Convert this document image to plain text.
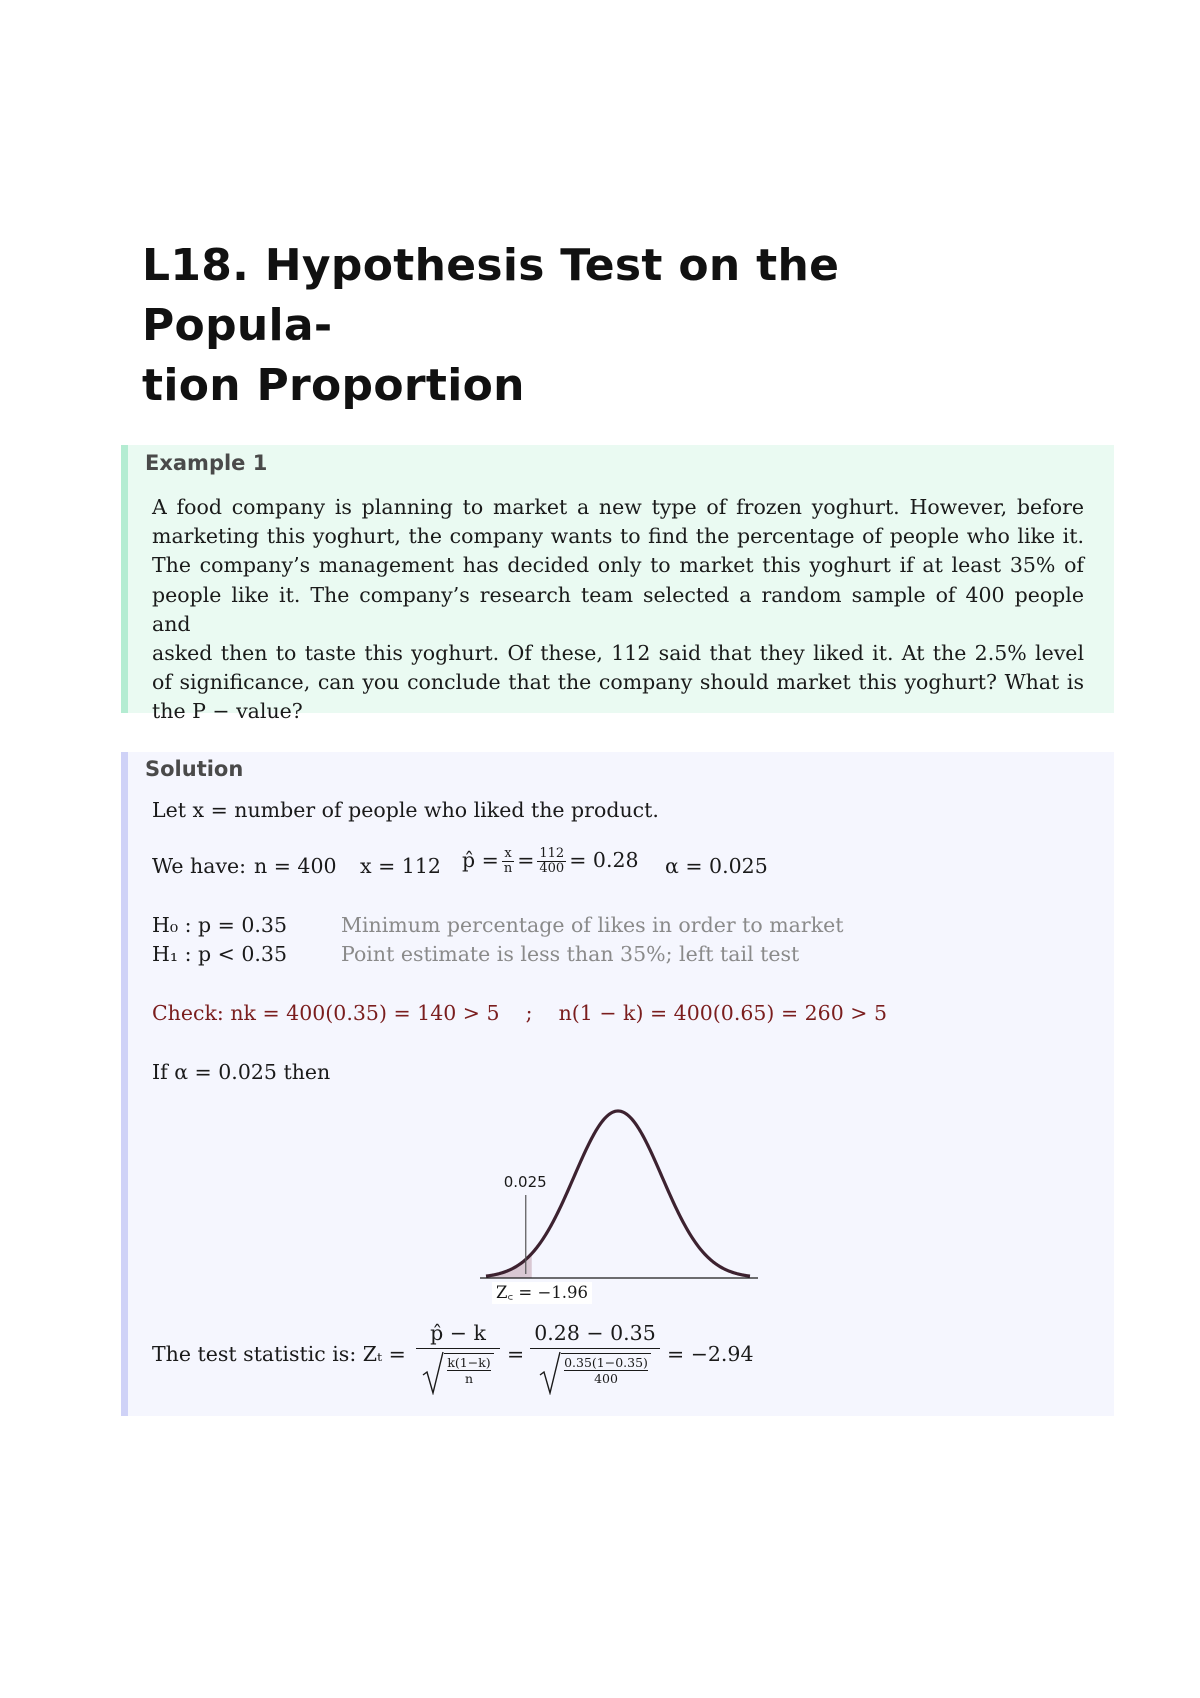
L18. Hypothesis Test on the Popula-
tion Proportion
Example 1

A food company is planning to market a new type of frozen yoghurt. However, before
marketing this yoghurt, the company wants to find the percentage of people who like it.
The company’s management has decided only to market this yoghurt if at least 35% of
people like it. The company’s research team selected a random sample of 400 people and
asked then to taste this yoghurt. Of these, 112 said that they liked it. At the 2.5% level
of significance, can you conclude that the company should market this yoghurt? What is
the P − value?

Solution
Let x = number of people who liked the product.
We have: n = 400 x = 112 p̂ = $\frac{x}{n} = \frac{112}{400} = 0.28$ α = 0.025
H₀ : p = 0.35	Minimum percentage of likes in order to market
H₁ : p < 0.35	Point estimate is less than 35%; left tail test
Check: nk = 400(0.35) = 140 > 5    ;    n(1 − k) = 400(0.65) = 260 > 5
If α = 0.025 then
0.025
Z꜀ = −1.96
The test statistic is: Zₜ =
p̂ − k
$\frac{k(1-k)}{n}$
=
0.28 − 0.35
$\frac{0.35(1-0.35)}{400}$
= −2.94
